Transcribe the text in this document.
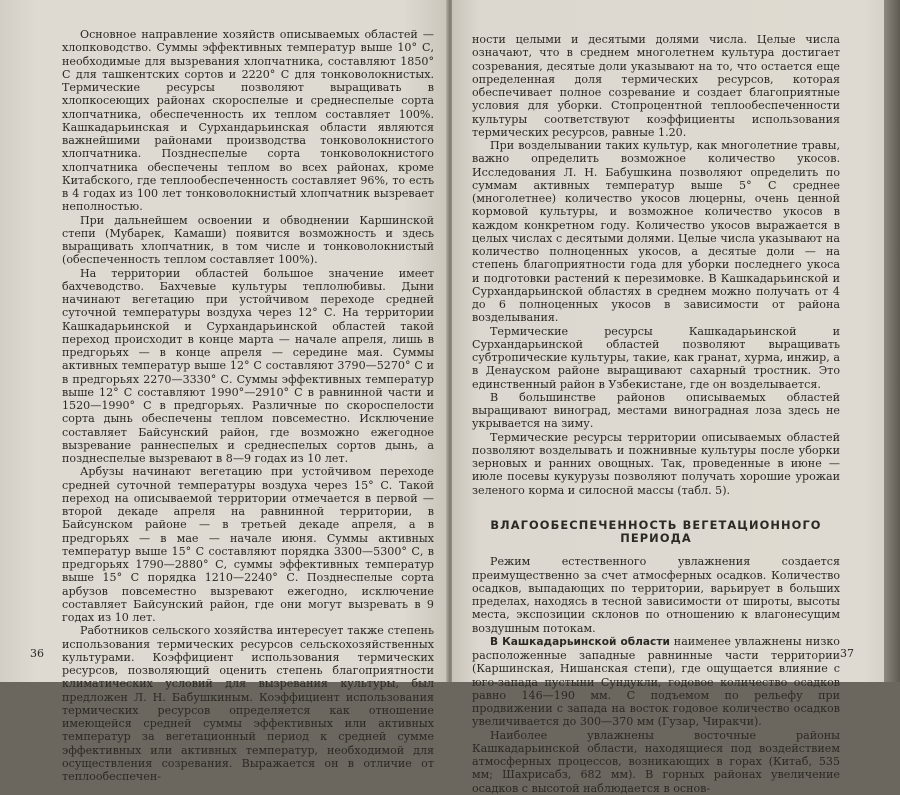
Основное направление хозяйств описываемых областей — хлопководство. Суммы эффективных температур выше 10° С, необходимые для вызревания хлопчатника, составляют 1850° С для ташкентских сортов и 2220° С для тонковолокнистых. Термические ресурсы позволяют выращивать в хлопкосеющих районах скороспелые и среднеспелые сорта хлопчатника, обеспеченность их теплом составляет 100%. Кашкадарьинская и Сурхандарьинская области являются важнейшими районами производства тонковолокнистого хлопчатника. Позднеспелые сорта тонковолокнистого хлопчатника обеспечены теплом во всех районах, кроме Китабского, где теплообеспеченность составляет 96%, то есть в 4 годах из 100 лет тонковолокнистый хлопчатник вызревает неполностью.

При дальнейшем освоении и обводнении Каршинской степи (Мубарек, Камаши) появится возможность и здесь выращивать хлопчатник, в том числе и тонковолокнистый (обеспеченность теплом составляет 100%).

На территории областей большое значение имеет бахчеводство. Бахчевые культуры теплолюбивы. Дыни начинают вегетацию при устойчивом переходе средней суточной температуры воздуха через 12° С. На территории Кашкадарьинской и Сурхандарьинской областей такой переход происходит в конце марта — начале апреля, лишь в предгорьях — в конце апреля — середине мая. Суммы активных температур выше 12° С составляют 3790—5270° С и в предгорьях 2270—3330° С. Суммы эффективных температур выше 12° С составляют 1990°—2910° С в равнинной части и 1520—1990° С в предгорьях. Различные по скороспелости сорта дынь обеспечены теплом повсеместно. Исключение составляет Байсунский район, где возможно ежегодное вызревание раннеспелых и среднеспелых сортов дынь, а позднеспелые вызревают в 8—9 годах из 10 лет.

Арбузы начинают вегетацию при устойчивом переходе средней суточной температуры воздуха через 15° С. Такой переход на описываемой территории отмечается в первой — второй декаде апреля на равнинной территории, в Байсунском районе — в третьей декаде апреля, а в предгорьях — в мае — начале июня. Суммы активных температур выше 15° С составляют порядка 3300—5300° С, в предгорьях 1790—2880° С, суммы эффективных температур выше 15° С порядка 1210—2240° С. Позднеспелые сорта арбузов повсеместно вызревают ежегодно, исключение составляет Байсунский район, где они могут вызревать в 9 годах из 10 лет.

Работников сельского хозяйства интересует также степень использования термических ресурсов сельскохозяйственных культурами. Коэффициент использования термических ресурсов, позволяющий оценить степень благоприятности климатических условий для вызревания культуры, был предложен Л. Н. Бабушкиным. Коэффициент использования термических ресурсов определяется как отношение имеющейся средней суммы эффективных или активных температур за вегетационный период к средней сумме эффективных или активных температур, необходимой для осуществления созревания. Выражается он в отличие от теплообеспечен-

36

ности целыми и десятыми долями числа. Целые числа означают, что в среднем многолетнем культура достигает созревания, десятые доли указывают на то, что остается еще определенная доля термических ресурсов, которая обеспечивает полное созревание и создает благоприятные условия для уборки. Стопроцентной теплообеспеченности культуры соответствуют коэффициенты использования термических ресурсов, равные 1.20.

При возделывании таких культур, как многолетние травы, важно определить возможное количество укосов. Исследования Л. Н. Бабушкина позволяют определить по суммам активных температур выше 5° С среднее (многолетнее) количество укосов люцерны, очень ценной кормовой культуры, и возможное количество укосов в каждом конкретном году. Количество укосов выражается в целых числах с десятыми долями. Целые числа указывают на количество полноценных укосов, а десятые доли — на степень благоприятности года для уборки последнего укоса и подготовки растений к перезимовке. В Кашкадарьинской и Сурхандарьинской областях в среднем можно получать от 4 до 6 полноценных укосов в зависимости от района возделывания.

Термические ресурсы Кашкадарьинской и Сурхандарьинской областей позволяют выращивать субтропические культуры, такие, как гранат, хурма, инжир, а в Денауском районе выращивают сахарный тростник. Это единственный район в Узбекистане, где он возделывается.

В большинстве районов описываемых областей выращивают виноград, местами виноградная лоза здесь не укрывается на зиму.

Термические ресурсы территории описываемых областей позволяют возделывать и пожнивные культуры после уборки зерновых и ранних овощных. Так, проведенные в июне — июле посевы кукурузы позволяют получать хорошие урожаи зеленого корма и силосной массы (табл. 5).

ВЛАГООБЕСПЕЧЕННОСТЬ ВЕГЕТАЦИОННОГО ПЕРИОДА

Режим естественного увлажнения создается преимущественно за счет атмосферных осадков. Количество осадков, выпадающих по территории, варьирует в больших пределах, находясь в тесной зависимости от широты, высоты места, экспозиции склонов по отношению к влагонесущим воздушным потокам.

В Кашкадарьинской области наименее увлажнены низко расположенные западные равнинные части территории (Каршинская, Нишанская степи), где ощущается влияние с юго-запада пустыни Сундукли, годовое количество осадков равно 146—190 мм. С подъемом по рельефу при продвижении с запада на восток годовое количество осадков увеличивается до 300—370 мм (Гузар, Чиракчи).

Наиболее увлажнены восточные районы Кашкадарьинской области, находящиеся под воздействием атмосферных процессов, возникающих в горах (Китаб, 535 мм; Шахрисабз, 682 мм). В горных районах увеличение осадков с высотой наблюдается в основ-

37
